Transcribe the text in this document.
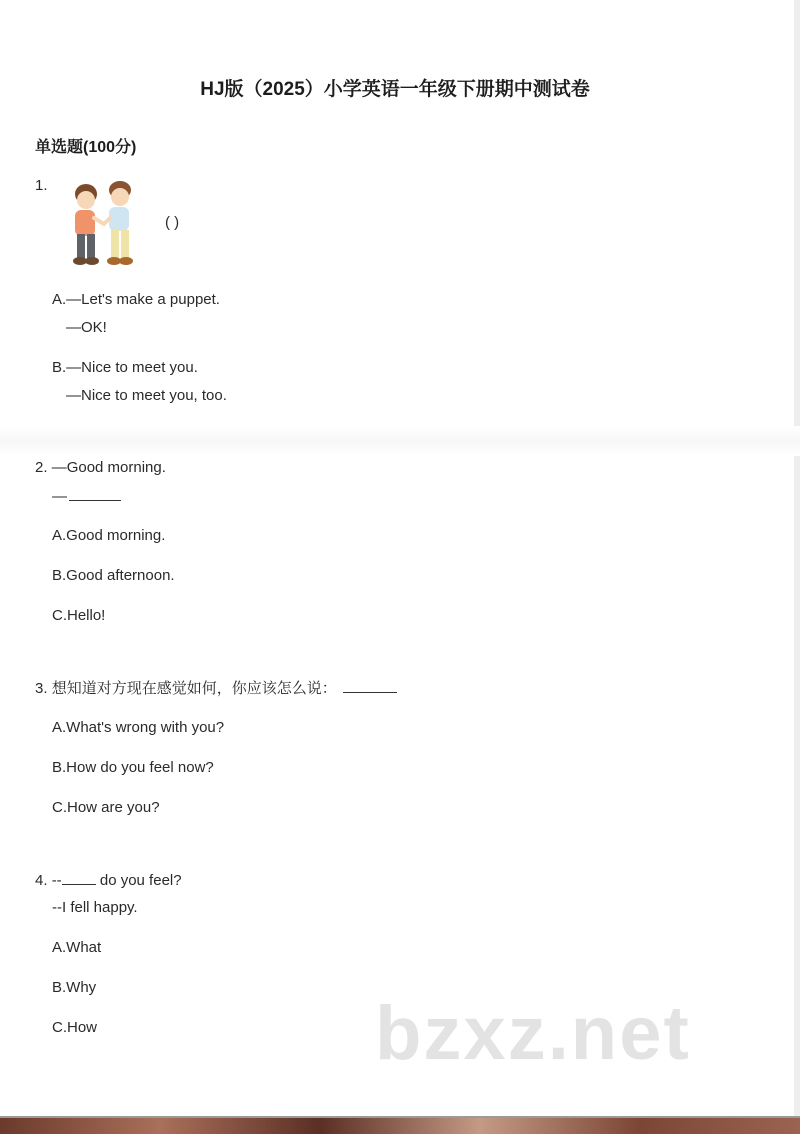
HJ版（2025）小学英语一年级下册期中测试卷
单选题(100分)
1.
( )
A.—Let's make a puppet.
—OK!
B.—Nice to meet you.
—Nice to meet you, too.
2. —Good morning.
—
A.Good morning.
B.Good afternoon.
C.Hello!
3. 想知道对方现在感觉如何，你应该怎么说：
A.What's wrong with you?
B.How do you feel now?
C.How are you?
4. -- do you feel?
--I fell happy.
A.What
B.Why
C.How	bzxz.net
